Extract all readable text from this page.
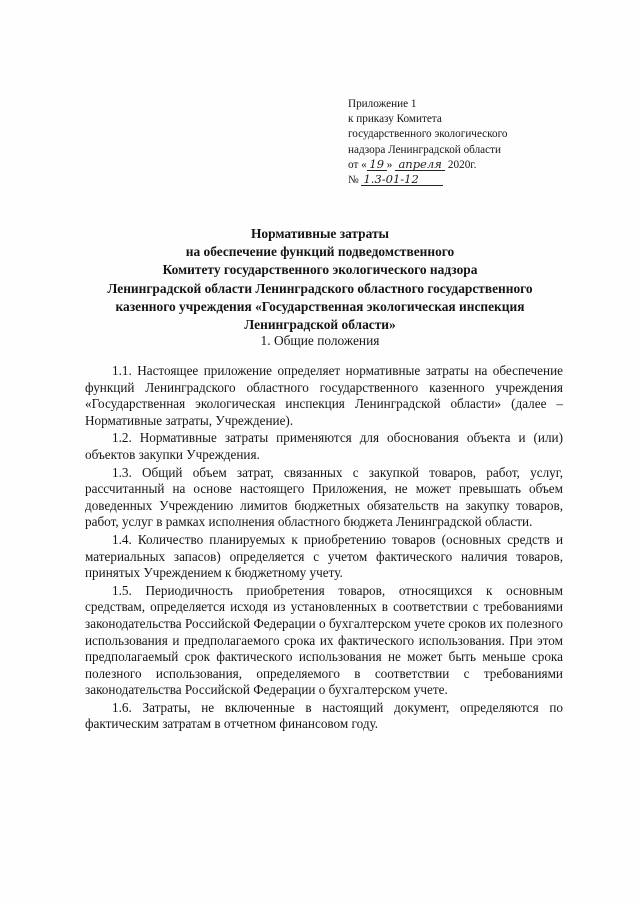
Приложение 1
к приказу Комитета
государственного экологического
надзора Ленинградской области
от « 19 » апреля 2020г.
№ 1.3-01-12
Нормативные затраты
на обеспечение функций подведомственного
Комитету государственного экологического надзора
Ленинградской области Ленинградского областного государственного
казенного учреждения «Государственная экологическая инспекция
Ленинградской области»
1. Общие положения

1.1. Настоящее приложение определяет нормативные затраты на обеспечение функций Ленинградского областного государственного казенного учреждения «Государственная экологическая инспекция Ленинградской области» (далее – Нормативные затраты, Учреждение).

1.2. Нормативные затраты применяются для обоснования объекта и (или) объектов закупки Учреждения.

1.3. Общий объем затрат, связанных с закупкой товаров, работ, услуг, рассчитанный на основе настоящего Приложения, не может превышать объем доведенных Учреждению лимитов бюджетных обязательств на закупку товаров, работ, услуг в рамках исполнения областного бюджета Ленинградской области.

1.4. Количество планируемых к приобретению товаров (основных средств и материальных запасов) определяется с учетом фактического наличия товаров, принятых Учреждением к бюджетному учету.

1.5. Периодичность приобретения товаров, относящихся к основным средствам, определяется исходя из установленных в соответствии с требованиями законодательства Российской Федерации о бухгалтерском учете сроков их полезного использования и предполагаемого срока их фактического использования. При этом предполагаемый срок фактического использования не может быть меньше срока полезного использования, определяемого в соответствии с требованиями законодательства Российской Федерации о бухгалтерском учете.

1.6. Затраты, не включенные в настоящий документ, определяются по фактическим затратам в отчетном финансовом году.
